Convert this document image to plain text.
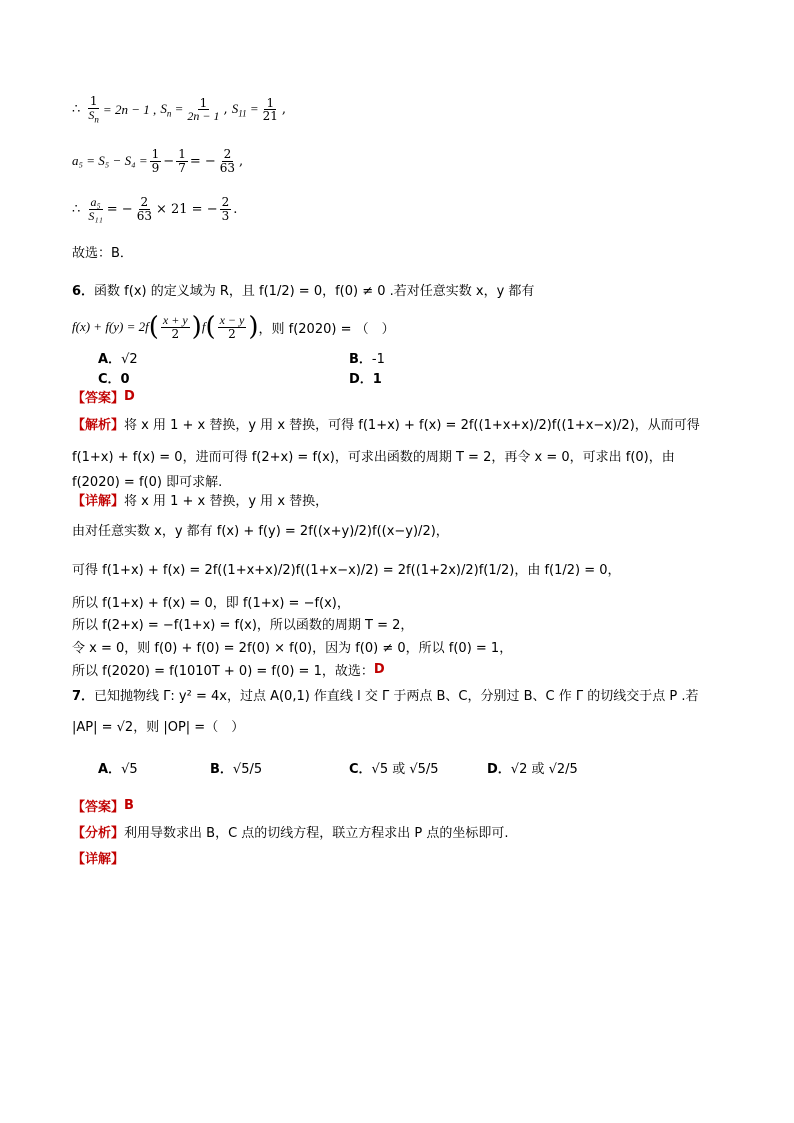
∴
$\frac{1}{S_n} = 2n - 1$ ,
$S_n = \frac{1}{2n - 1}$ , $S_{11} = \frac{1}{21}$ ,
$a_5 = S_5 - S_4 = \frac{1}{9} - \frac{1}{7}$ = − $\frac{2}{63}$ ,
∴
$\frac{\text{a₅}}{\text{S₁₁}}$ = − $\frac{2}{63} \times 21$ = − $\frac{2}{3}$ .
故选：B．
6． 函数 f(x) 的定义域为 R，且 f(1/2) = 0，f(0) ≠ 0 .若对任意实数 x，y 都有
f(x) + f(y) = 2f ( $\frac{x + y}{2}$ ) f ( $\frac{x - y}{2}$ ) ，则 f(2020) = （　）
A．√2	B．-1
C．0	D．1
【答案】 D
【解析】 将 x 用 1 + x 替换，y 用 x 替换，可得 f(1+x) + f(x) = 2f((1+x+x)/2)f((1+x−x)/2)，从而可得
f(1+x) + f(x) = 0，进而可得 f(2+x) = f(x)，可求出函数的周期 T = 2，再令 x = 0，可求出 f(0)，由
f(2020) = f(0) 即可求解.
【详解】 将 x 用 1 + x 替换，y 用 x 替换，
由对任意实数 x，y 都有 f(x) + f(y) = 2f((x+y)/2)f((x−y)/2)，
可得 f(1+x) + f(x) = 2f((1+x+x)/2)f((1+x−x)/2) = 2f((1+2x)/2)f(1/2)，由 f(1/2) = 0，
所以 f(1+x) + f(x) = 0，即 f(1+x) = −f(x)，
所以 f(2+x) = −f(1+x) = f(x)，所以函数的周期 T = 2，
令 x = 0，则 f(0) + f(0) = 2f(0) × f(0)，因为 f(0) ≠ 0，所以 f(0) = 1，
所以 f(2020) = f(1010T + 0) = f(0) = 1，故选： D
7． 已知抛物线 Γ: y² = 4x，过点 A(0,1) 作直线 l 交 Γ 于两点 B、C，分别过 B、C 作 Γ 的切线交于点 P .若
|AP| = √2，则 |OP| =（　）
A．√5	B．√5/5	C．√5 或 √5/5	D．√2 或 √2/5
【答案】 B
【分析】 利用导数求出 B，C 点的切线方程，联立方程求出 P 点的坐标即可.
【详解】
